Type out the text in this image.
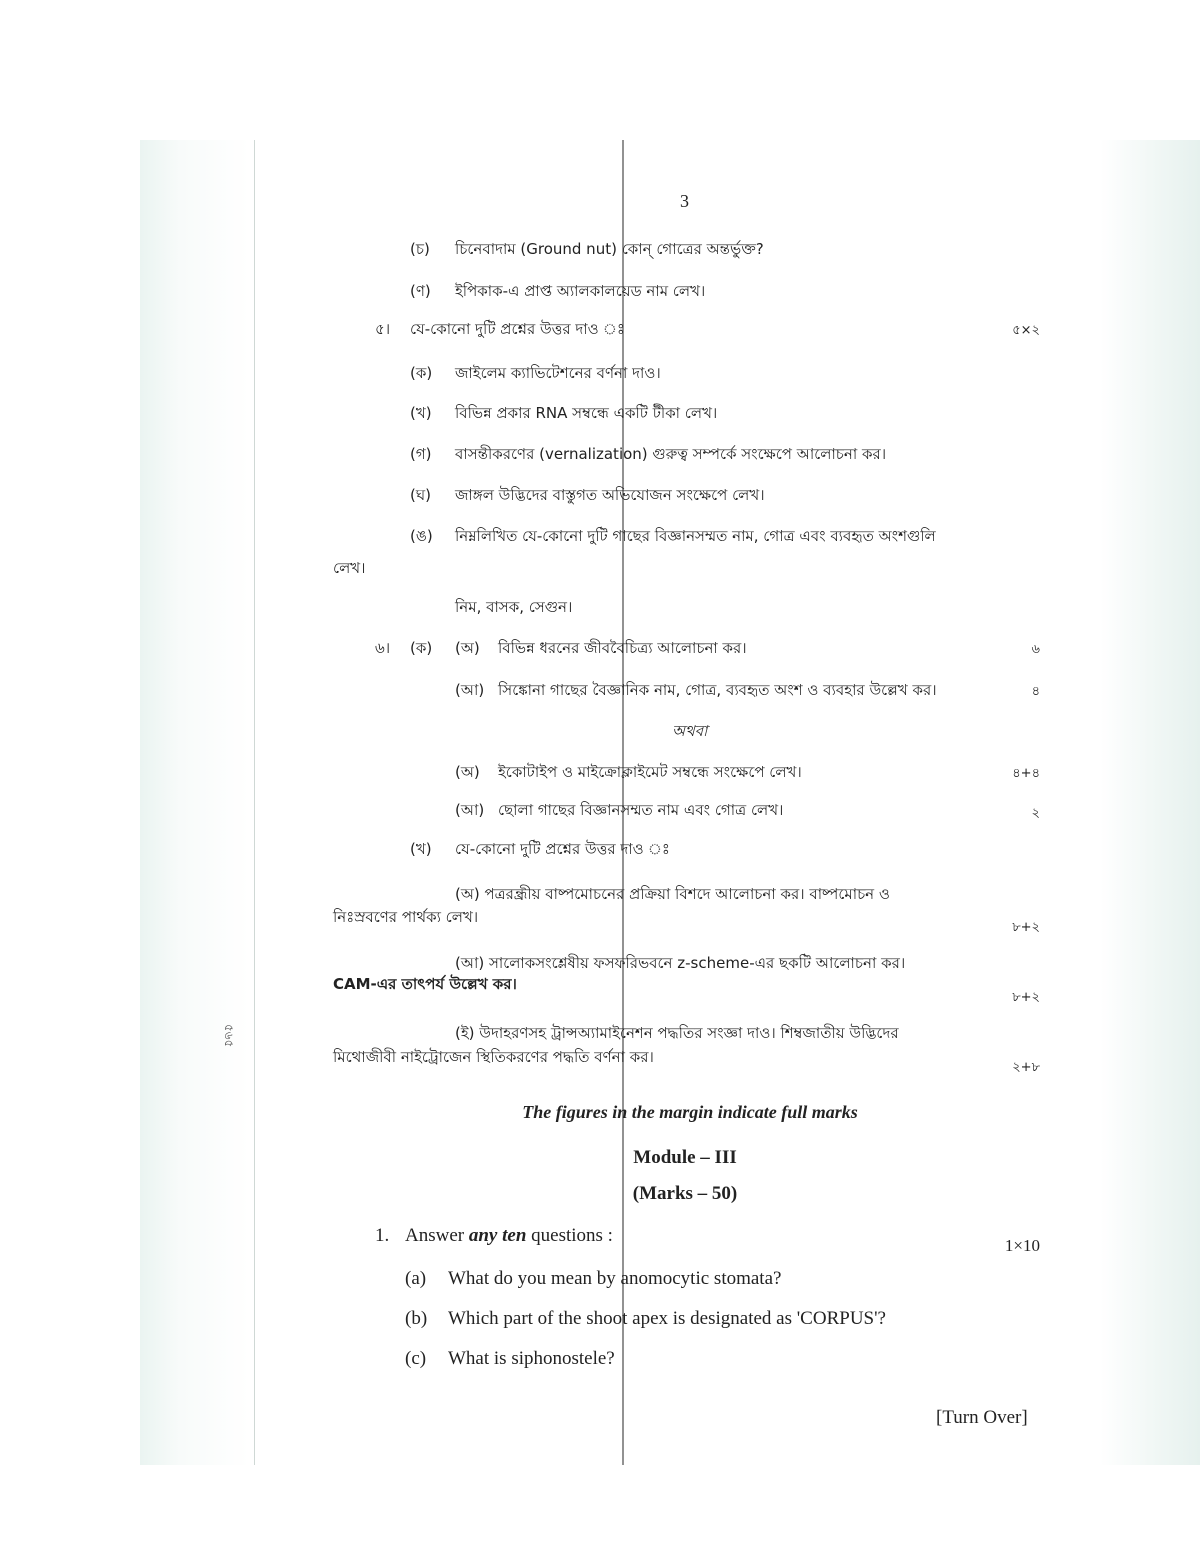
3
(চ) চিনেবাদাম (Ground nut) কোন্ গোত্রের অন্তর্ভুক্ত?
(ণ) ইপিকাক-এ প্রাপ্ত অ্যালকালয়েড নাম লেখ।
৫। যে-কোনো দুটি প্রশ্নের উত্তর দাও ঃ	৫×২
(ক) জাইলেম ক্যাভিটেশনের বর্ণনা দাও।
(খ) বিভিন্ন প্রকার RNA সম্বন্ধে একটি টীকা লেখ।
(গ) বাসন্তীকরণের (vernalization) গুরুত্ব সম্পর্কে সংক্ষেপে আলোচনা কর।
(ঘ) জাঙ্গল উদ্ভিদের বাস্তুগত অভিযোজন সংক্ষেপে লেখ।
(ঙ) নিম্নলিখিত যে-কোনো দুটি গাছের বিজ্ঞানসম্মত নাম, গোত্র এবং ব্যবহৃত অংশগুলি
লেখ।
নিম, বাসক, সেগুন।
৬। (ক) (অ) বিভিন্ন ধরনের জীববৈচিত্র্য আলোচনা কর।	৬
(আ) সিঙ্কোনা গাছের বৈজ্ঞানিক নাম, গোত্র, ব্যবহৃত অংশ ও ব্যবহার উল্লেখ কর।	৪
অথবা
(অ) ইকোটাইপ ও মাইক্রোক্লাইমেট সম্বন্ধে সংক্ষেপে লেখ।	৪+৪
(আ) ছোলা গাছের বিজ্ঞানসম্মত নাম এবং গোত্র লেখ।	২
(খ) যে-কোনো দুটি প্রশ্নের উত্তর দাও ঃ
(অ) পত্ররন্ধ্রীয় বাষ্পমোচনের প্রক্রিয়া বিশদে আলোচনা কর। বাষ্পমোচন ও
নিঃস্রবণের পার্থক্য লেখ।
৮+২
(আ) সালোকসংশ্লেষীয় ফসফরিভবনে z-scheme-এর ছকটি আলোচনা কর।
CAM-এর তাৎপর্য উল্লেখ কর।
৮+২
(ই) উদাহরণসহ ট্রান্সঅ্যামাইনেশন পদ্ধতির সংজ্ঞা দাও। শিম্বজাতীয় উদ্ভিদের
মিথোজীবী নাইট্রোজেন স্থিতিকরণের পদ্ধতি বর্ণনা কর।
২+৮
৫৬৫
The figures in the margin indicate full marks
Module – III
(Marks – 50)
1. Answer any ten questions :	1×10
(a) What do you mean by anomocytic stomata?
(b) Which part of the shoot apex is designated as 'CORPUS'?
(c) What is siphonostele?
[Turn Over]
